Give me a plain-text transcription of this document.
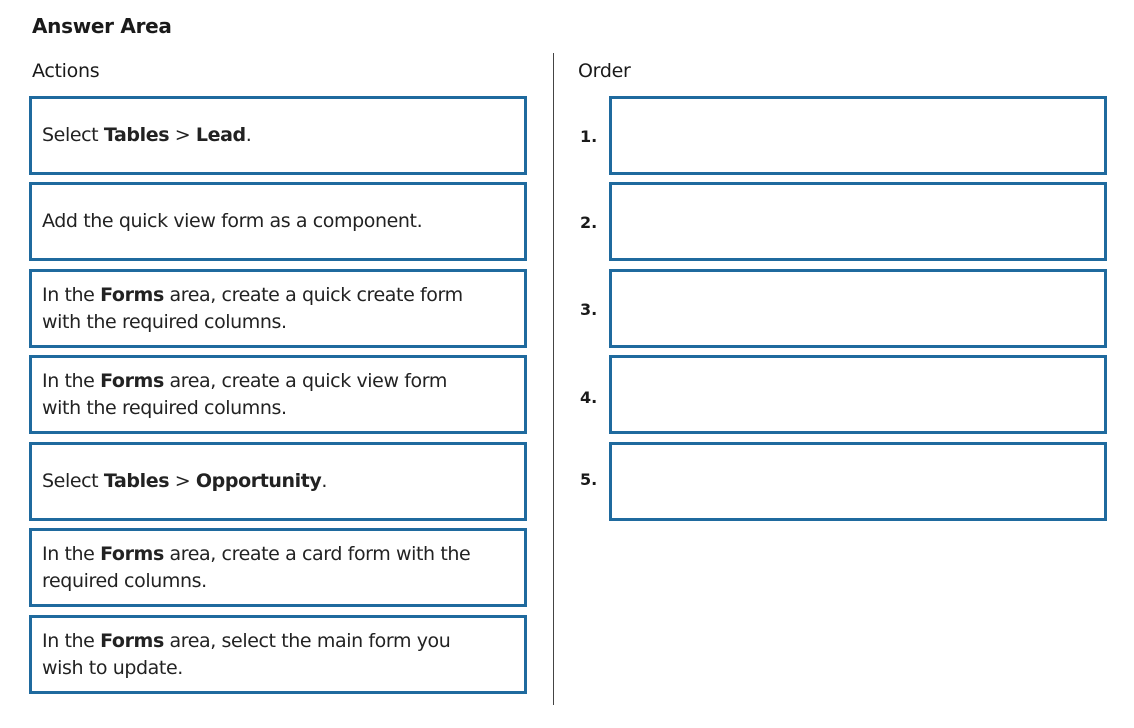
Answer Area
Actions	Order
Select Tables > Lead.
Add the quick view form as a component.
In the Forms area, create a quick create form with the required columns.
In the Forms area, create a quick view form with the required columns.
Select Tables > Opportunity.
In the Forms area, create a card form with the required columns.
In the Forms area, select the main form you wish to update.
1.
2.
3.
4.
5.
